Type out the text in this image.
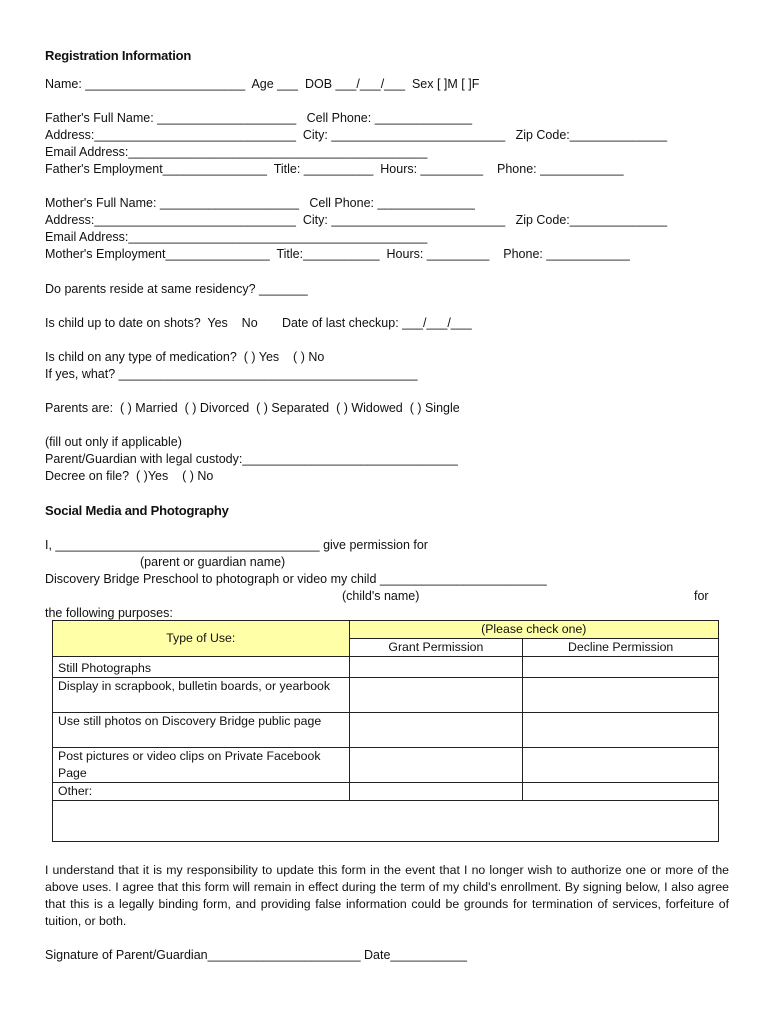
Registration Information
Name: _______________________  Age ___  DOB ___/___/___  Sex [ ]M [ ]F
Father's Full Name: ____________________   Cell Phone: ______________
Address:_____________________________  City: _________________________   Zip Code:______________
Email Address:___________________________________________
Father's Employment_______________  Title: __________  Hours: _________    Phone: ____________
Mother's Full Name: ____________________   Cell Phone: ______________
Address:_____________________________  City: _________________________   Zip Code:______________
Email Address:___________________________________________
Mother's Employment_______________  Title:___________  Hours: _________    Phone: ____________
Do parents reside at same residency? _______
Is child up to date on shots?  Yes    No       Date of last checkup: ___/___/___
Is child on any type of medication?  ( ) Yes    ( ) No
If yes, what? ___________________________________________
Parents are:  ( ) Married  ( ) Divorced  ( ) Separated  ( ) Widowed  ( ) Single
(fill out only if applicable)
Parent/Guardian with legal custody:_______________________________
Decree on file?  ( )Yes    ( ) No
Social Media and Photography
I, ______________________________________ give permission for
(parent or guardian name)
Discovery Bridge Preschool to photograph or video my child ________________________
(child's name)	for
the following purposes:
Type of Use:	(Please check one)	
	Grant Permission	Decline Permission
Still Photographs		
Display in scrapbook, bulletin boards, or yearbook		
Use still photos on Discovery Bridge public page		
Post pictures or video clips on Private Facebook Page		
Other:		

I understand that it is my responsibility to update this form in the event that I no longer wish to authorize one or more of the above uses. I agree that this form will remain in effect during the term of my child's enrollment. By signing below, I also agree that this is a legally binding form, and providing false information could be grounds for termination of services, forfeiture of tuition, or both.
Signature of Parent/Guardian______________________ Date___________
